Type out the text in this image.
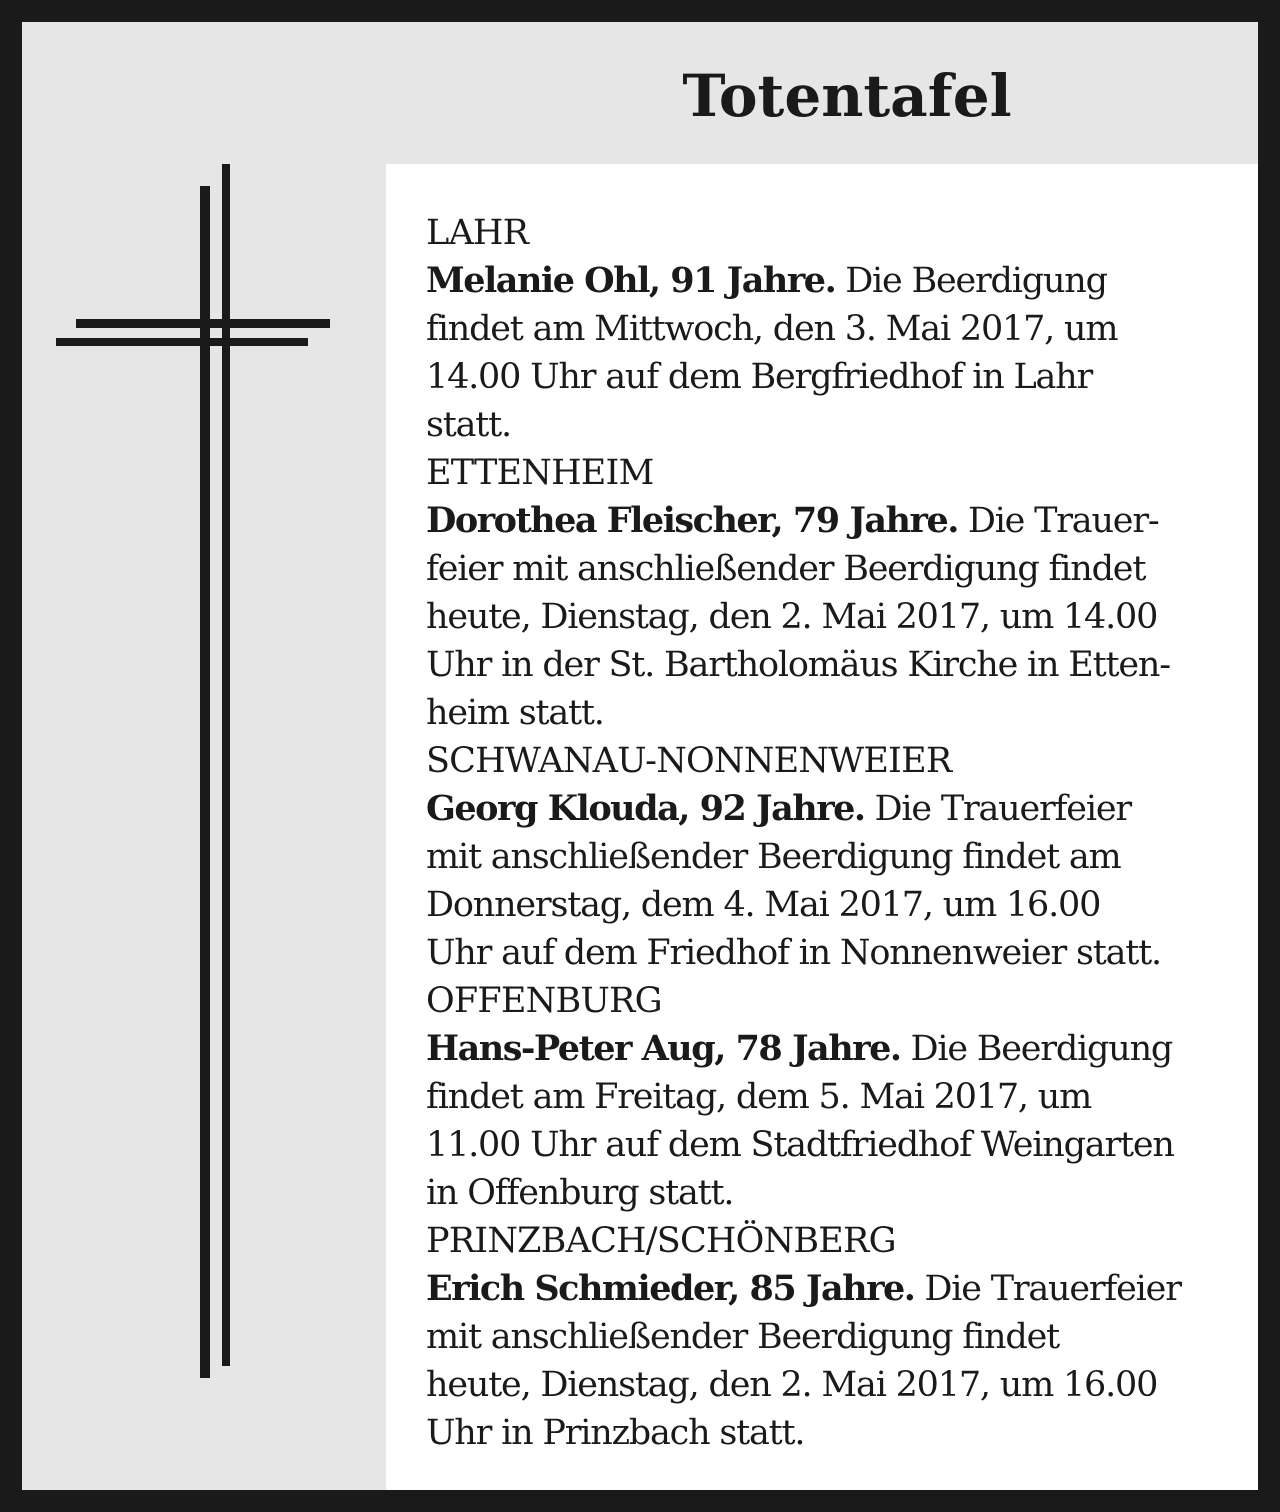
Totentafel
LAHR
Melanie Ohl, 91 Jahre. Die Beerdigung
findet am Mittwoch, den 3. Mai 2017, um
14.00 Uhr auf dem Bergfriedhof in Lahr
statt.
ETTENHEIM
Dorothea Fleischer, 79 Jahre. Die Trauer-
feier mit anschließender Beerdigung findet
heute, Dienstag, den 2. Mai 2017, um 14.00
Uhr in der St. Bartholomäus Kirche in Etten-
heim statt.
SCHWANAU-NONNENWEIER
Georg Klouda, 92 Jahre. Die Trauerfeier
mit anschließender Beerdigung findet am
Donnerstag, dem 4. Mai 2017, um 16.00
Uhr auf dem Friedhof in Nonnenweier statt.
OFFENBURG
Hans-Peter Aug, 78 Jahre. Die Beerdigung
findet am Freitag, dem 5. Mai 2017, um
11.00 Uhr auf dem Stadtfriedhof Weingarten
in Offenburg statt.
PRINZBACH/SCHÖNBERG
Erich Schmieder, 85 Jahre. Die Trauerfeier
mit anschließender Beerdigung findet
heute, Dienstag, den 2. Mai 2017, um 16.00
Uhr in Prinzbach statt.
